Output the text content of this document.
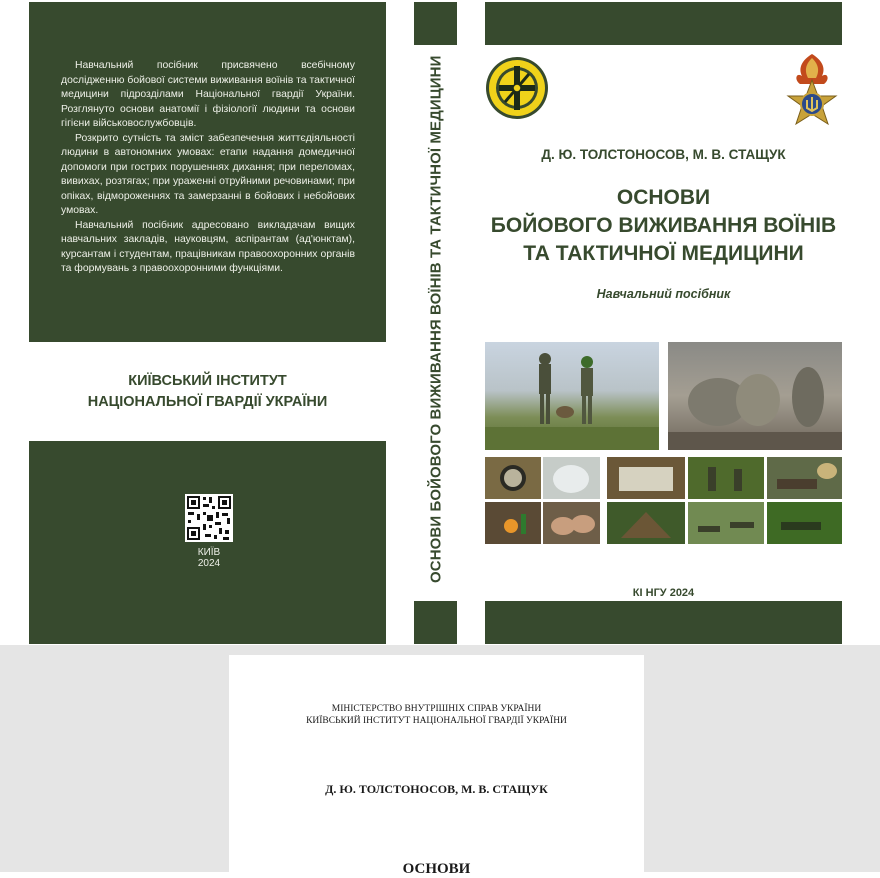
Навчальний посібник присвячено всебічному дослідженню бойової системи виживання воїнів та тактичної медицини підрозділами Національної гвардії України. Розглянуто основи анатомії і фізіології людини та основи гігієни військовослужбовців.

Розкрито сутність та зміст забезпечення життєдіяльності людини в автономних умовах: етапи надання домедичної допомоги при гострих порушеннях дихання; при переломах, вивихах, розтягах; при ураженні отруйними речовинами; при опіках, відмороженнях та замерзанні в бойових і небойових умовах.

Навчальний посібник адресовано викладачам вищих навчальних закладів, науковцям, аспірантам (ад'юнктам), курсантам і студентам, працівникам правоохоронних органів та формувань з правоохоронними функціями.

КИЇВСЬКИЙ ІНСТИТУТ
НАЦІОНАЛЬНОЇ ГВАРДІЇ УКРАЇНИ
КИЇВ
2024	ОСНОВИ БОЙОВОГО ВИЖИВАННЯ ВОЇНІВ ТА ТАКТИЧНОЇ МЕДИЦИНИ	Д. Ю. ТОЛСТОНОСОВ, М. В. СТАЩУК
ОСНОВИ
БОЙОВОГО ВИЖИВАННЯ ВОЇНІВ
ТА ТАКТИЧНОЇ МЕДИЦИНИ
Навчальний посібник
КІ НГУ 2024
МІНІСТЕРСТВО ВНУТРІШНІХ СПРАВ УКРАЇНИ
КИЇВСЬКИЙ ІНСТИТУТ НАЦІОНАЛЬНОЇ ГВАРДІЇ УКРАЇНИ
Д. Ю. ТОЛСТОНОСОВ, М. В. СТАЩУК
ОСНОВИ
